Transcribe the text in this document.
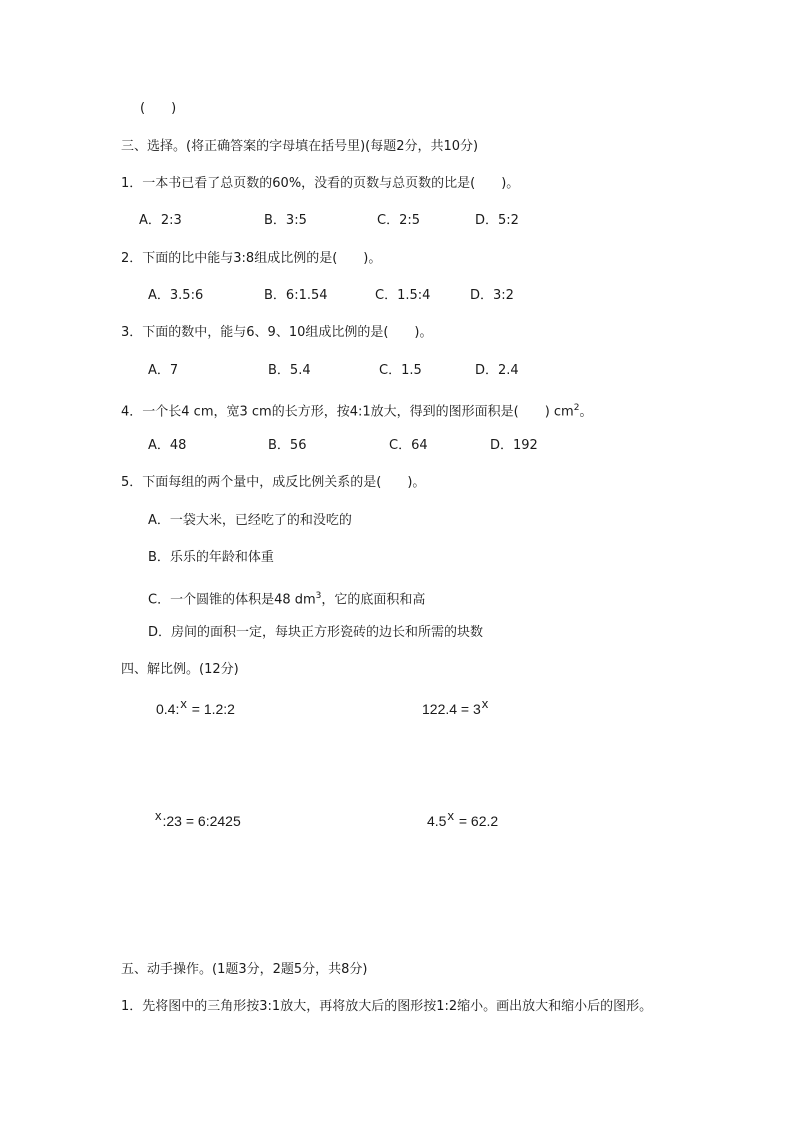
(　　)
三、选择。(将正确答案的字母填在括号里)(每题2分，共10分)
1．一本书已看了总页数的60%，没看的页数与总页数的比是(　　)。
A．2:3	B．3:5	C．2:5	D．5:2
2．下面的比中能与3:8组成比例的是(　　)。
A．3.5:6	B．6:1.54	C．1.5:4	D．3:2
3．下面的数中，能与6、9、10组成比例的是(　　)。
A．7	B．5.4	C．1.5	D．2.4
4．一个长4 cm，宽3 cm的长方形，按4:1放大，得到的图形面积是(　　) $cm^2$。
A．48	B．56	C．64	D．192
5．下面每组的两个量中，成反比例关系的是(　　)。
A．一袋大米，已经吃了的和没吃的
B．乐乐的年龄和体重
C．一个圆锥的体积是48 $dm^3$，它的底面积和高
D．房间的面积一定，每块正方形瓷砖的边长和所需的块数
四、解比例。(12分)
0.4:x = 1.2:2	122.4 = 3x
x:23 = 6:2425	4.5x = 62.2
五、动手操作。(1题3分，2题5分，共8分)
1．先将图中的三角形按3:1放大，再将放大后的图形按1:2缩小。画出放大和缩小后的图形。
